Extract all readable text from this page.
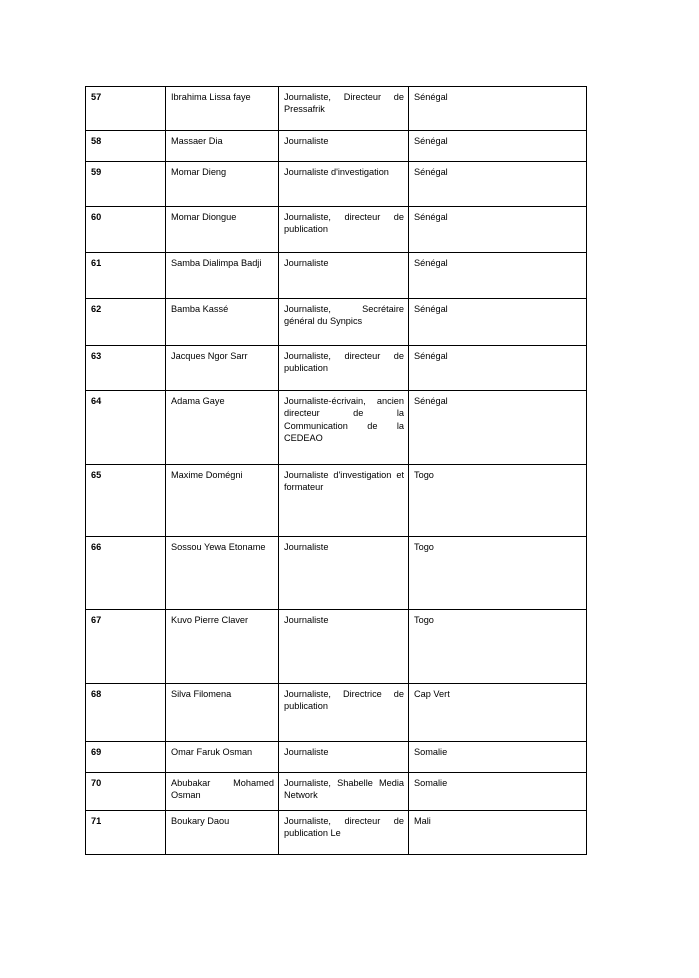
57	Ibrahima Lissa faye	Journaliste, Directeur de Pressafrik	Sénégal

58	Massaer Dia	Journaliste	Sénégal

59	Momar Dieng	Journaliste d'investigation	Sénégal

60	Momar Diongue	Journaliste, directeur de publication	Sénégal

61	Samba Dialimpa Badji	Journaliste	Sénégal

62	Bamba Kassé	Journaliste, Secrétaire général du Synpics	Sénégal

63	Jacques Ngor Sarr	Journaliste, directeur de publication	Sénégal

64	Adama Gaye	Journaliste-écrivain, ancien directeur de la Communication de la CEDEAO	Sénégal

65	Maxime Domégni	Journaliste d'investigation et formateur	Togo

66	Sossou Yewa Etoname	Journaliste	Togo

67	Kuvo Pierre Claver	Journaliste	Togo

68	Silva Filomena	Journaliste, Directrice de publication	Cap Vert

69	Omar Faruk Osman	Journaliste	Somalie

70	Abubakar Mohamed Osman	Journaliste, Shabelle Media Network	Somalie

71	Boukary Daou	Journaliste, directeur de publication Le	Mali
